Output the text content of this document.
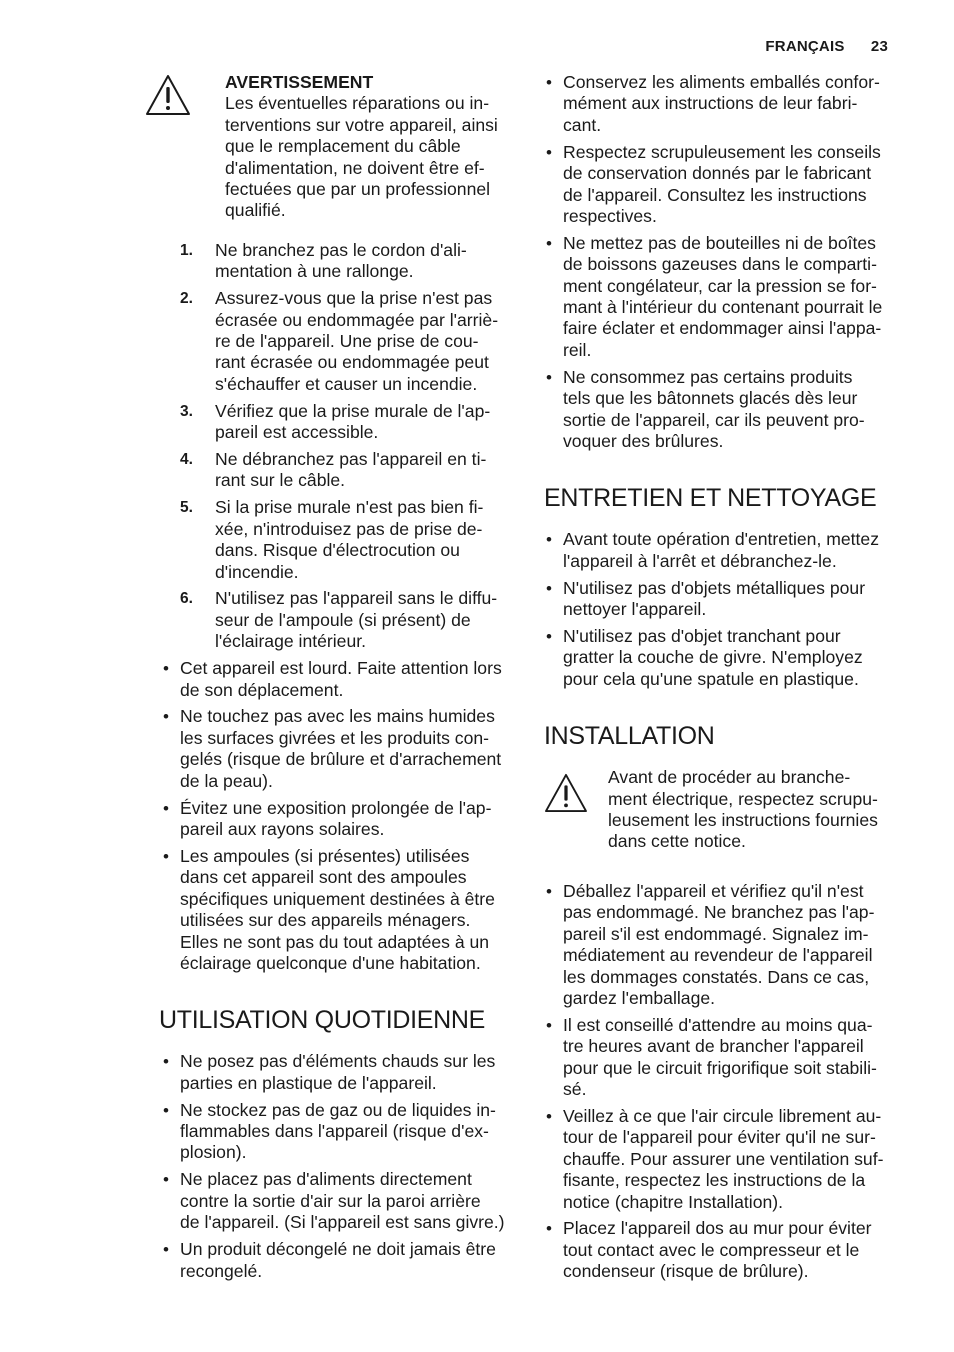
FRANÇAIS 23
AVERTISSEMENT
Les éventuelles réparations ou in-
terventions sur votre appareil, ainsi
que le remplacement du câble
d'alimentation, ne doivent être ef-
fectuées que par un professionnel
qualifié.
1. Ne branchez pas le cordon d'ali-
mentation à une rallonge.
2. Assurez-vous que la prise n'est pas
écrasée ou endommagée par l'arriè-
re de l'appareil. Une prise de cou-
rant écrasée ou endommagée peut
s'échauffer et causer un incendie.
3. Vérifiez que la prise murale de l'ap-
pareil est accessible.
4. Ne débranchez pas l'appareil en ti-
rant sur le câble.
5. Si la prise murale n'est pas bien fi-
xée, n'introduisez pas de prise de-
dans. Risque d'électrocution ou
d'incendie.
6. N'utilisez pas l'appareil sans le diffu-
seur de l'ampoule (si présent) de
l'éclairage intérieur.
• Cet appareil est lourd. Faite attention lors
de son déplacement.
• Ne touchez pas avec les mains humides
les surfaces givrées et les produits con-
gelés (risque de brûlure et d'arrachement
de la peau).
• Évitez une exposition prolongée de l'ap-
pareil aux rayons solaires.
• Les ampoules (si présentes) utilisées
dans cet appareil sont des ampoules
spécifiques uniquement destinées à être
utilisées sur des appareils ménagers.
Elles ne sont pas du tout adaptées à un
éclairage quelconque d'une habitation.
UTILISATION QUOTIDIENNE
• Ne posez pas d'éléments chauds sur les
parties en plastique de l'appareil.
• Ne stockez pas de gaz ou de liquides in-
flammables dans l'appareil (risque d'ex-
plosion).
• Ne placez pas d'aliments directement
contre la sortie d'air sur la paroi arrière
de l'appareil. (Si l'appareil est sans givre.)
• Un produit décongelé ne doit jamais être
recongelé.
• Conservez les aliments emballés confor-
mément aux instructions de leur fabri-
cant.
• Respectez scrupuleusement les conseils
de conservation donnés par le fabricant
de l'appareil. Consultez les instructions
respectives.
• Ne mettez pas de bouteilles ni de boîtes
de boissons gazeuses dans le comparti-
ment congélateur, car la pression se for-
mant à l'intérieur du contenant pourrait le
faire éclater et endommager ainsi l'appa-
reil.
• Ne consommez pas certains produits
tels que les bâtonnets glacés dès leur
sortie de l'appareil, car ils peuvent pro-
voquer des brûlures.
ENTRETIEN ET NETTOYAGE
• Avant toute opération d'entretien, mettez
l'appareil à l'arrêt et débranchez-le.
• N'utilisez pas d'objets métalliques pour
nettoyer l'appareil.
• N'utilisez pas d'objet tranchant pour
gratter la couche de givre. N'employez
pour cela qu'une spatule en plastique.
INSTALLATION
Avant de procéder au branche-
ment électrique, respectez scrupu-
leusement les instructions fournies
dans cette notice.
• Déballez l'appareil et vérifiez qu'il n'est
pas endommagé. Ne branchez pas l'ap-
pareil s'il est endommagé. Signalez im-
médiatement au revendeur de l'appareil
les dommages constatés. Dans ce cas,
gardez l'emballage.
• Il est conseillé d'attendre au moins qua-
tre heures avant de brancher l'appareil
pour que le circuit frigorifique soit stabili-
sé.
• Veillez à ce que l'air circule librement au-
tour de l'appareil pour éviter qu'il ne sur-
chauffe. Pour assurer une ventilation suf-
fisante, respectez les instructions de la
notice (chapitre Installation).
• Placez l'appareil dos au mur pour éviter
tout contact avec le compresseur et le
condenseur (risque de brûlure).
